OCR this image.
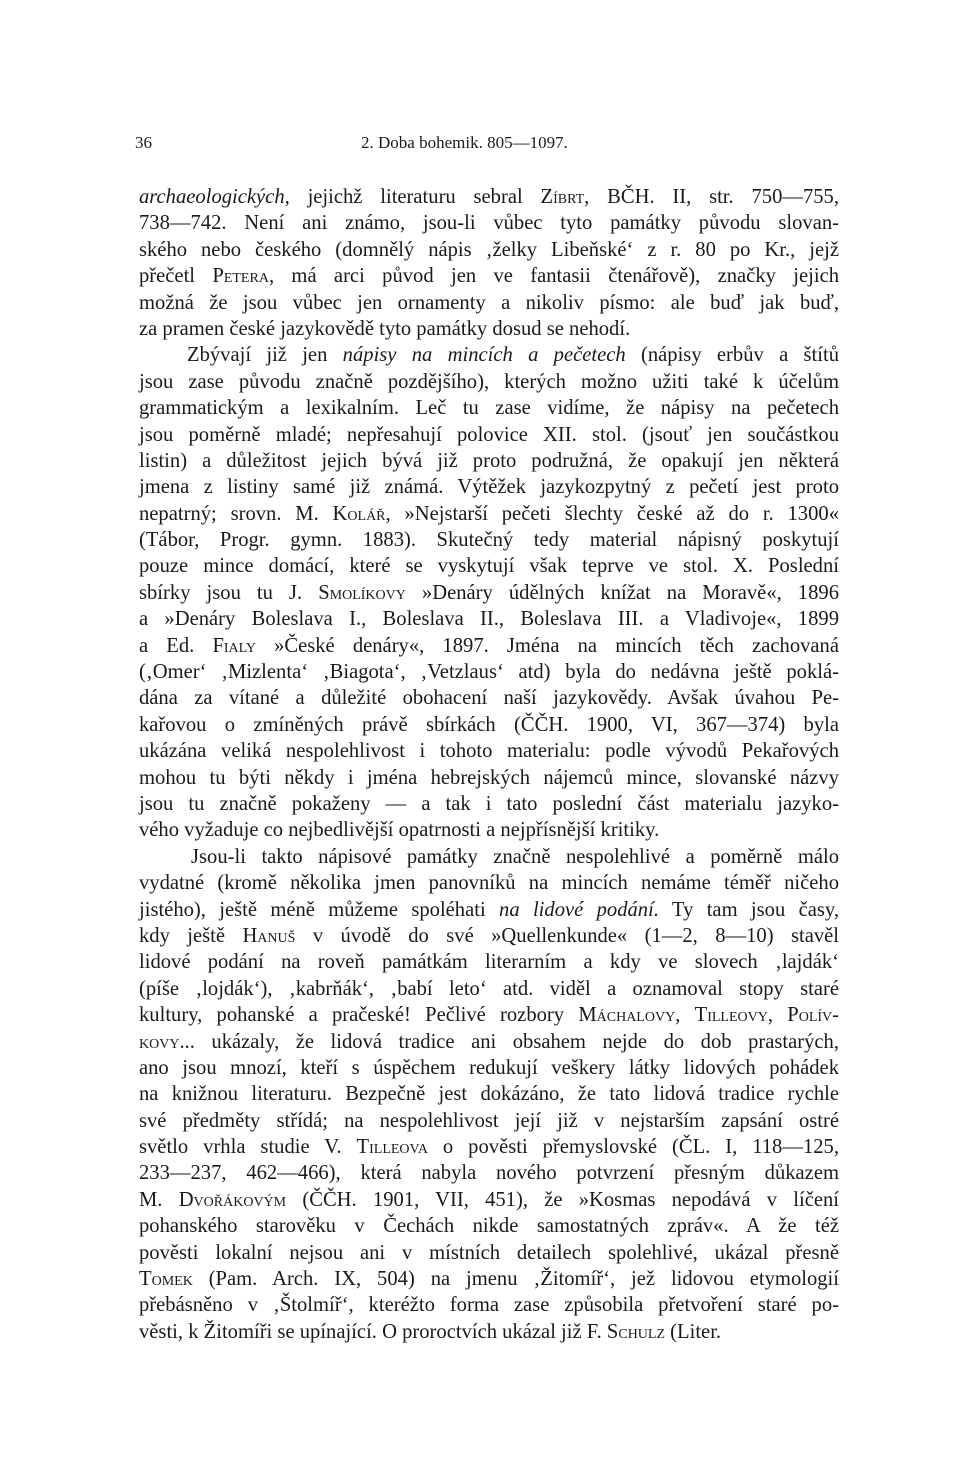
36	2. Doba bohemik. 805—1097.
archaeologických, jejichž literaturu sebral Zíbrt, BČH. II, str. 750—755,
738—742. Není ani známo, jsou-li vůbec tyto památky původu slovan-
ského nebo českého (domnělý nápis ‚želky Libeňské‘ z r. 80 po Kr., jejž
přečetl Petera, má arci původ jen ve fantasii čtenářově), značky jejich
možná že jsou vůbec jen ornamenty a nikoliv písmo: ale buď jak buď,
za pramen české jazykovědě tyto památky dosud se nehodí.
Zbývají již jen nápisy na mincích a pečetech (nápisy erbův a štítů
jsou zase původu značně pozdějšího), kterých možno užiti také k účelům
grammatickým a lexikalním. Leč tu zase vidíme, že nápisy na pečetech
jsou poměrně mladé; nepřesahují polovice XII. stol. (jsouť jen součástkou
listin) a důležitost jejich bývá již proto podružná, že opakují jen některá
jmena z listiny samé již známá. Výtěžek jazykozpytný z pečetí jest proto
nepatrný; srovn. M. Kolář, »Nejstarší pečeti šlechty české až do r. 1300«
(Tábor, Progr. gymn. 1883). Skutečný tedy material nápisný poskytují
pouze mince domácí, které se vyskytují však teprve ve stol. X. Poslední
sbírky jsou tu J. Smolíkovy »Denáry údělných knížat na Moravě«, 1896
a »Denáry Boleslava I., Boleslava II., Boleslava III. a Vladivoje«, 1899
a Ed. Fialy »České denáry«, 1897. Jména na mincích těch zachovaná
(‚Omer‘ ‚Mizlenta‘ ‚Biagota‘, ‚Vetzlaus‘ atd) byla do nedávna ještě poklá-
dána za vítané a důležité obohacení naší jazykovědy. Avšak úvahou Pe-
kařovou o zmíněných právě sbírkách (ČČH. 1900, VI, 367—374) byla
ukázána veliká nespolehlivost i tohoto materialu: podle vývodů Pekařových
mohou tu býti někdy i jména hebrejských nájemců mince, slovanské názvy
jsou tu značně pokaženy — a tak i tato poslední část materialu jazyko-
vého vyžaduje co nejbedlivější opatrnosti a nejpřísnější kritiky.
Jsou-li takto nápisové památky značně nespolehlivé a poměrně málo
vydatné (kromě několika jmen panovníků na mincích nemáme téměř ničeho
jistého), ještě méně můžeme spoléhati na lidové podání. Ty tam jsou časy,
kdy ještě Hanuš v úvodě do své »Quellenkunde« (1—2, 8—10) stavěl
lidové podání na roveň památkám literarním a kdy ve slovech ‚lajdák‘
(píše ‚lojdák‘), ‚kabrňák‘, ‚babí leto‘ atd. viděl a oznamoval stopy staré
kultury, pohanské a pračeské! Pečlivé rozbory Máchalovy, Tilleovy, Polív-
kovy... ukázaly, že lidová tradice ani obsahem nejde do dob prastarých,
ano jsou mnozí, kteří s úspěchem redukují veškery látky lidových pohádek
na knižnou literaturu. Bezpečně jest dokázáno, že tato lidová tradice rychle
své předměty střídá; na nespolehlivost její již v nejstarším zapsání ostré
světlo vrhla studie V. Tilleova o pověsti přemyslovské (ČL. I, 118—125,
233—237, 462—466), která nabyla nového potvrzení přesným důkazem
M. Dvořákovým (ČČH. 1901, VII, 451), že »Kosmas nepodává v líčení
pohanského starověku v Čechách nikde samostatných zpráv«. A že též
pověsti lokalní nejsou ani v místních detailech spolehlivé, ukázal přesně
Tomek (Pam. Arch. IX, 504) na jmenu ‚Žitomíř‘, jež lidovou etymologií
přebásněno v ‚Štolmíř‘, kteréžto forma zase způsobila přetvoření staré po-
věsti, k Žitomíři se upínající. O proroctvích ukázal již F. Schulz (Liter.
